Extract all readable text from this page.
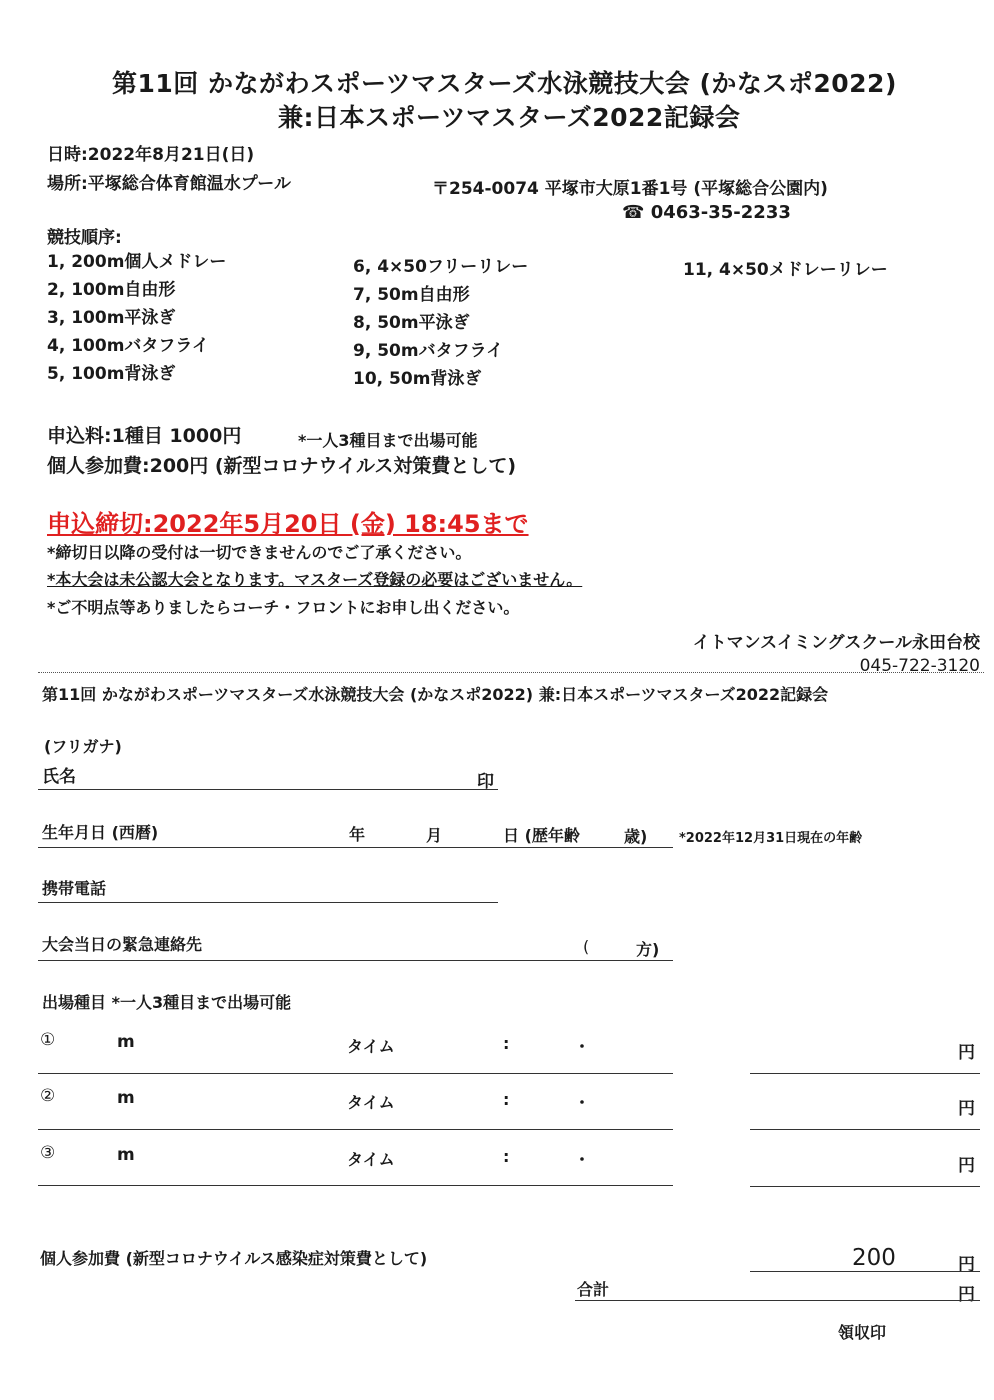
第11回 かながわスポーツマスターズ水泳競技大会 (かなスポ2022)
兼:日本スポーツマスターズ2022記録会
日時:2022年8月21日(日)
場所:平塚総合体育館温水プール	〒254-0074 平塚市大原1番1号 (平塚総合公園内)
☎ 0463-35-2233
競技順序:
1, 200m個人メドレー
2, 100m自由形
3, 100m平泳ぎ
4, 100mバタフライ
5, 100m背泳ぎ
6, 4×50フリーリレー
7, 50m自由形
8, 50m平泳ぎ
9, 50mバタフライ
10, 50m背泳ぎ
11, 4×50メドレーリレー
申込料:1種目 1000円	*一人3種目まで出場可能
個人参加費:200円 (新型コロナウイルス対策費として)
申込締切:2022年5月20日 (金) 18:45まで
*締切日以降の受付は一切できませんのでご了承ください。
*本大会は未公認大会となります。マスターズ登録の必要はございません。
*ご不明点等ありましたらコーチ・フロントにお申し出ください。
イトマンスイミングスクール永田台校
045-722-3120
第11回 かながわスポーツマスターズ水泳競技大会 (かなスポ2022) 兼:日本スポーツマスターズ2022記録会
(フリガナ)
氏名	印
生年月日 (西暦)	年	月	日 (歴年齢	歳) *2022年12月31日現在の年齢
携帯電話
大会当日の緊急連絡先	(	方)
出場種目 *一人3種目まで出場可能
①	m	タイム	:	・	円
②	m	タイム	:	・	円
③	m	タイム	:	・	円
個人参加費 (新型コロナウイルス感染症対策費として)	200	円
合計	円
領収印
